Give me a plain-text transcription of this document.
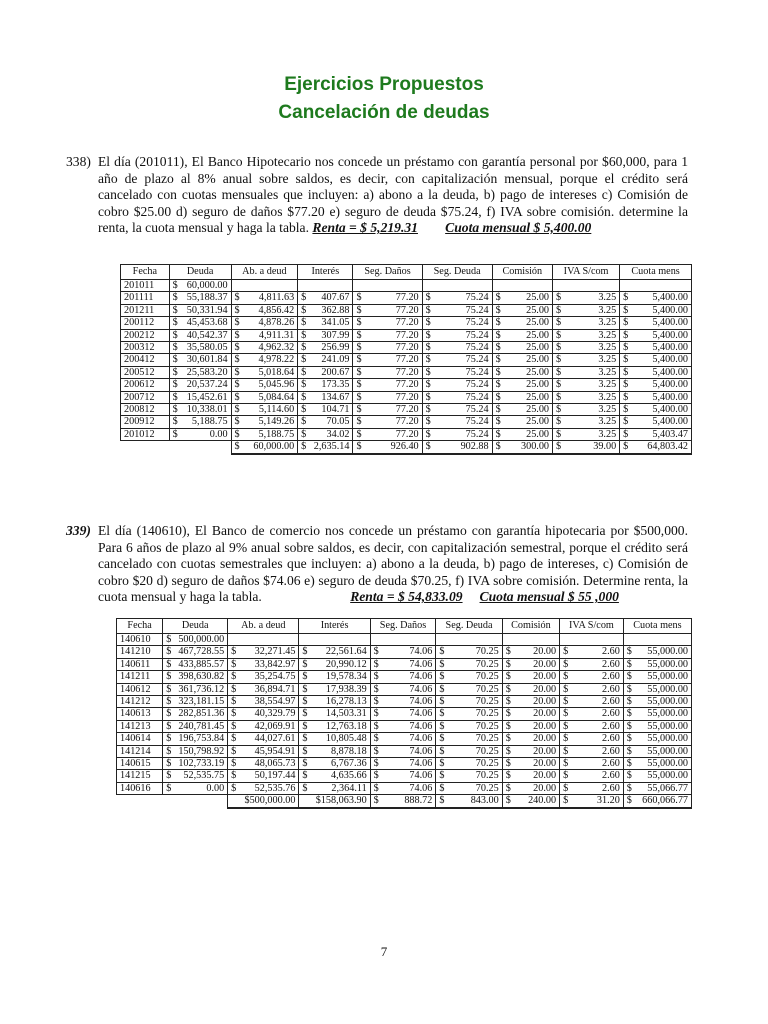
Ejercicios Propuestos
Cancelación de deudas
338) El día (201011), El Banco Hipotecario nos concede un préstamo con garantía personal por $60,000, para 1 año de plazo al 8% anual sobre saldos, es decir, con capitalización mensual, porque el crédito será cancelado con cuotas mensuales que incluyen: a) abono a la deuda, b) pago de intereses c) Comisión de cobro $25.00 d) seguro de daños $77.20 e) seguro de deuda $75.24, f) IVA sobre comisión. determine la renta, la cuota mensual y haga la tabla. Renta = $ 5,219.31 Cuota mensual $ 5,400.00
Fecha	Deuda	Ab. a deud	Interés	Seg. Daños	Seg. Deuda	Comisión	IVA S/com	Cuota mens
201011	$ 60,000.00							
201111	$ 55,188.37	$ 4,811.63	$ 407.67	$ 77.20	$ 75.24	$ 25.00	$ 3.25	$ 5,400.00
201211	$ 50,331.94	$ 4,856.42	$ 362.88	$ 77.20	$ 75.24	$ 25.00	$ 3.25	$ 5,400.00
200112	$ 45,453.68	$ 4,878.26	$ 341.05	$ 77.20	$ 75.24	$ 25.00	$ 3.25	$ 5,400.00
200212	$ 40,542.37	$ 4,911.31	$ 307.99	$ 77.20	$ 75.24	$ 25.00	$ 3.25	$ 5,400.00
200312	$ 35,580.05	$ 4,962.32	$ 256.99	$ 77.20	$ 75.24	$ 25.00	$ 3.25	$ 5,400.00
200412	$ 30,601.84	$ 4,978.22	$ 241.09	$ 77.20	$ 75.24	$ 25.00	$ 3.25	$ 5,400.00
200512	$ 25,583.20	$ 5,018.64	$ 200.67	$ 77.20	$ 75.24	$ 25.00	$ 3.25	$ 5,400.00
200612	$ 20,537.24	$ 5,045.96	$ 173.35	$ 77.20	$ 75.24	$ 25.00	$ 3.25	$ 5,400.00
200712	$ 15,452.61	$ 5,084.64	$ 134.67	$ 77.20	$ 75.24	$ 25.00	$ 3.25	$ 5,400.00
200812	$ 10,338.01	$ 5,114.60	$ 104.71	$ 77.20	$ 75.24	$ 25.00	$ 3.25	$ 5,400.00
200912	$ 5,188.75	$ 5,149.26	$ 70.05	$ 77.20	$ 75.24	$ 25.00	$ 3.25	$ 5,400.00
201012	$ 0.00	$ 5,188.75	$ 34.02	$ 77.20	$ 75.24	$ 25.00	$ 3.25	$ 5,403.47

		$ 60,000.00	$ 2,635.14	$ 926.40	$ 902.88	$ 300.00	$ 39.00	$ 64,803.42
339) El día (140610), El Banco de comercio nos concede un préstamo con garantía hipotecaria por $500,000. Para 6 años de plazo al 9% anual sobre saldos, es decir, con capitalización semestral, porque el crédito será cancelado con cuotas semestrales que incluyen: a) abono a la deuda, b) pago de intereses, c) Comisión de cobro $20 d) seguro de daños $74.06 e) seguro de deuda $70.25, f) IVA sobre comisión. Determine renta, la cuota mensual y haga la tabla.	Renta = $ 54,833.09 Cuota mensual $ 55 ,000
Fecha	Deuda	Ab. a deud	Interés	Seg. Daños	Seg. Deuda	Comisión	IVA S/com	Cuota mens
140610	$ 500,000.00							
141210	$ 467,728.55	$ 32,271.45	$ 22,561.64	$ 74.06	$ 70.25	$ 20.00	$ 2.60	$ 55,000.00
140611	$ 433,885.57	$ 33,842.97	$ 20,990.12	$ 74.06	$ 70.25	$ 20.00	$ 2.60	$ 55,000.00
141211	$ 398,630.82	$ 35,254.75	$ 19,578.34	$ 74.06	$ 70.25	$ 20.00	$ 2.60	$ 55,000.00
140612	$ 361,736.12	$ 36,894.71	$ 17,938.39	$ 74.06	$ 70.25	$ 20.00	$ 2.60	$ 55,000.00
141212	$ 323,181.15	$ 38,554.97	$ 16,278.13	$ 74.06	$ 70.25	$ 20.00	$ 2.60	$ 55,000.00
140613	$ 282,851.36	$ 40,329.79	$ 14,503.31	$ 74.06	$ 70.25	$ 20.00	$ 2.60	$ 55,000.00
141213	$ 240,781.45	$ 42,069.91	$ 12,763.18	$ 74.06	$ 70.25	$ 20.00	$ 2.60	$ 55,000.00
140614	$ 196,753.84	$ 44,027.61	$ 10,805.48	$ 74.06	$ 70.25	$ 20.00	$ 2.60	$ 55,000.00
141214	$ 150,798.92	$ 45,954.91	$ 8,878.18	$ 74.06	$ 70.25	$ 20.00	$ 2.60	$ 55,000.00
140615	$ 102,733.19	$ 48,065.73	$ 6,767.36	$ 74.06	$ 70.25	$ 20.00	$ 2.60	$ 55,000.00
141215	$ 52,535.75	$ 50,197.44	$ 4,635.66	$ 74.06	$ 70.25	$ 20.00	$ 2.60	$ 55,000.00
140616	$ 0.00	$ 52,535.76	$ 2,364.11	$ 74.06	$ 70.25	$ 20.00	$ 2.60	$ 55,066.77
		$500,000.00	$158,063.90	$ 888.72	$ 843.00	$ 240.00	$ 31.20	$ 660,066.77
7
